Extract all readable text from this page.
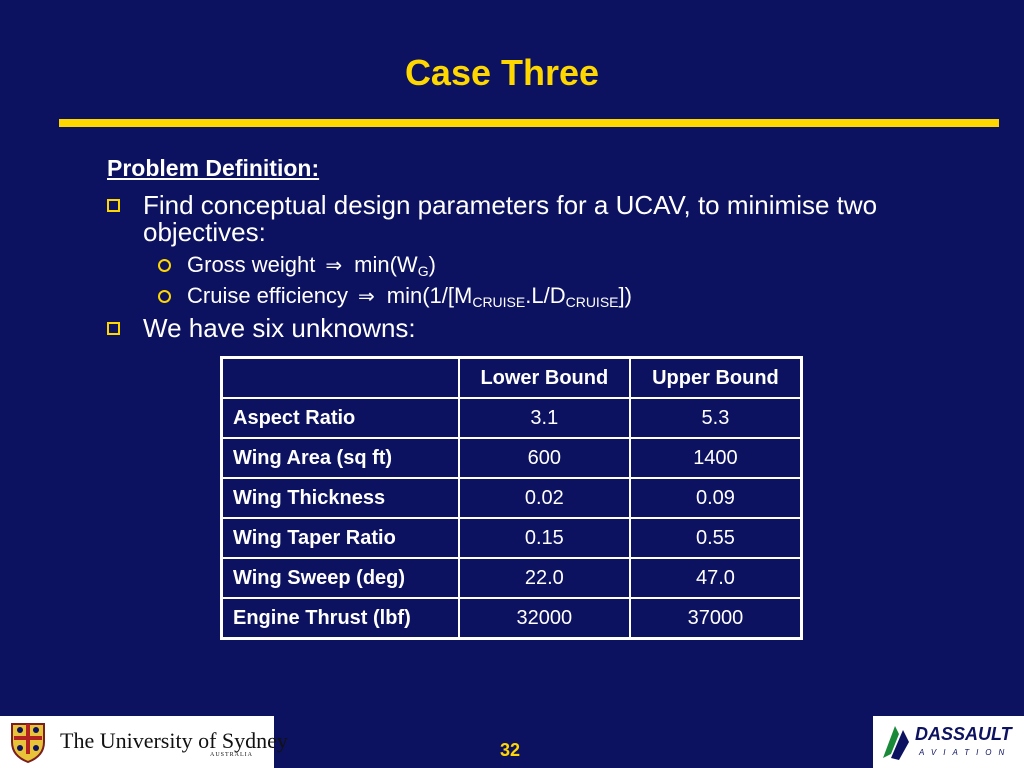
Case Three
Problem Definition:
Find conceptual design parameters for a UCAV, to minimise two
objectives:
Gross weight ⇒ $\min(W_G)$
Cruise efficiency ⇒ $\min(1/[M_{CRUISE}.L/D_{CRUISE}])$
We have six unknowns:
	Lower Bound	Upper Bound
Aspect Ratio	3.1	5.3
Wing Area (sq ft)	600	1400
Wing Thickness	0.02	0.09
Wing Taper Ratio	0.15	0.55
Wing Sweep (deg)	22.0	47.0
Engine Thrust (lbf)	32000	37000
The University of Sydney
AUSTRALIA	32
DASSAULT
AVIATION
